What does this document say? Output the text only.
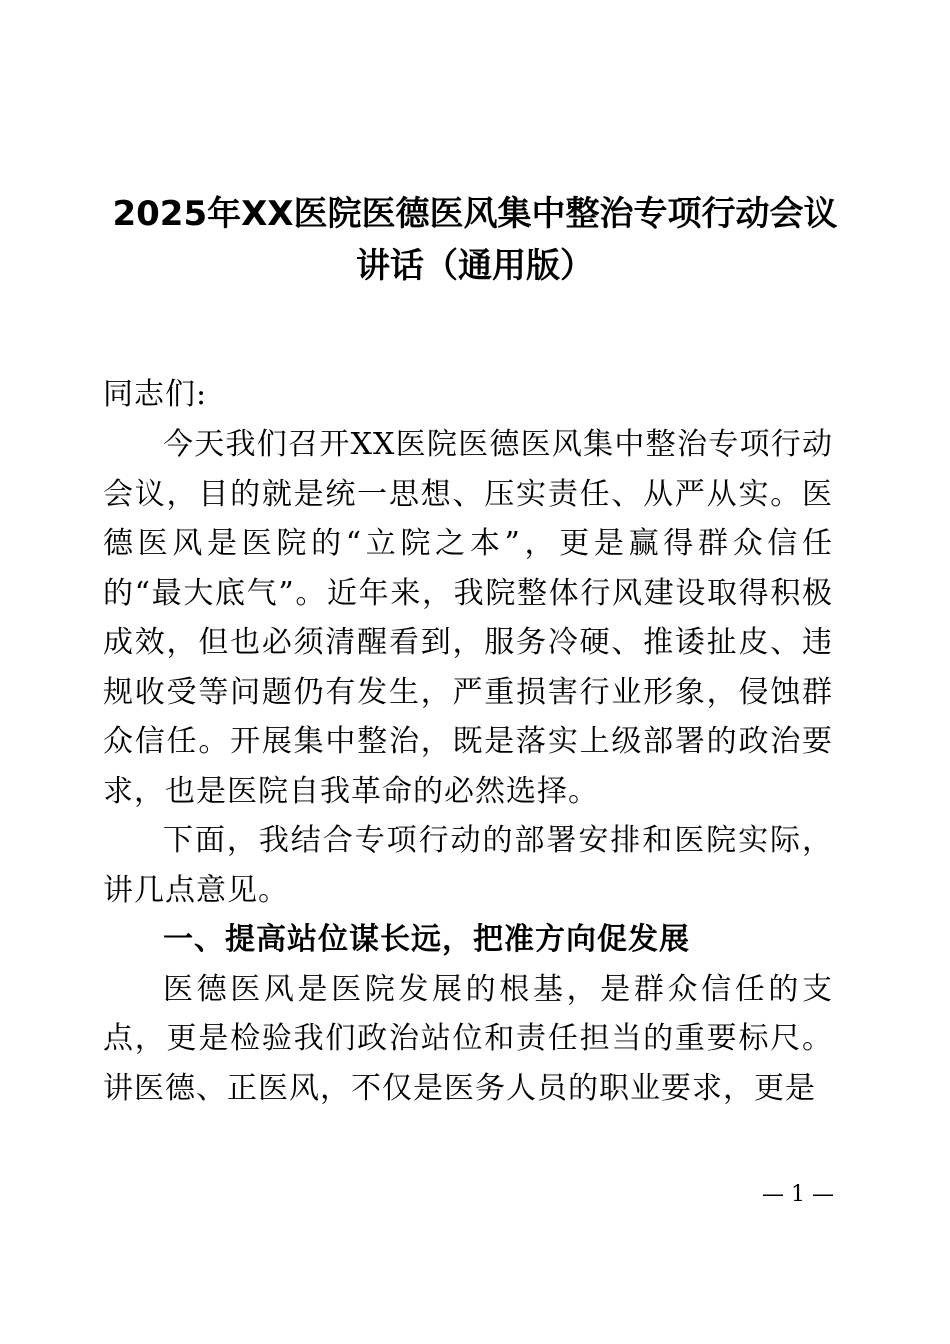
2025年XX医院医德医风集中整治专项行动会议
讲话（通用版）
同志们:

今天我们召开XX医院医德医风集中整治专项行动会议，目的就是统一思想、压实责任、从严从实。医德医风是医院的“立院之本”，更是赢得群众信任的“最大底气”。近年来，我院整体行风建设取得积极成效，但也必须清醒看到，服务冷硬、推诿扯皮、违规收受等问题仍有发生，严重损害行业形象，侵蚀群众信任。开展集中整治，既是落实上级部署的政治要求，也是医院自我革命的必然选择。

下面，我结合专项行动的部署安排和医院实际，讲几点意见。

一、提高站位谋长远，把准方向促发展

医德医风是医院发展的根基，是群众信任的支点，更是检验我们政治站位和责任担当的重要标尺。讲医德、正医风，不仅是医务人员的职业要求，更是

— 1 —
